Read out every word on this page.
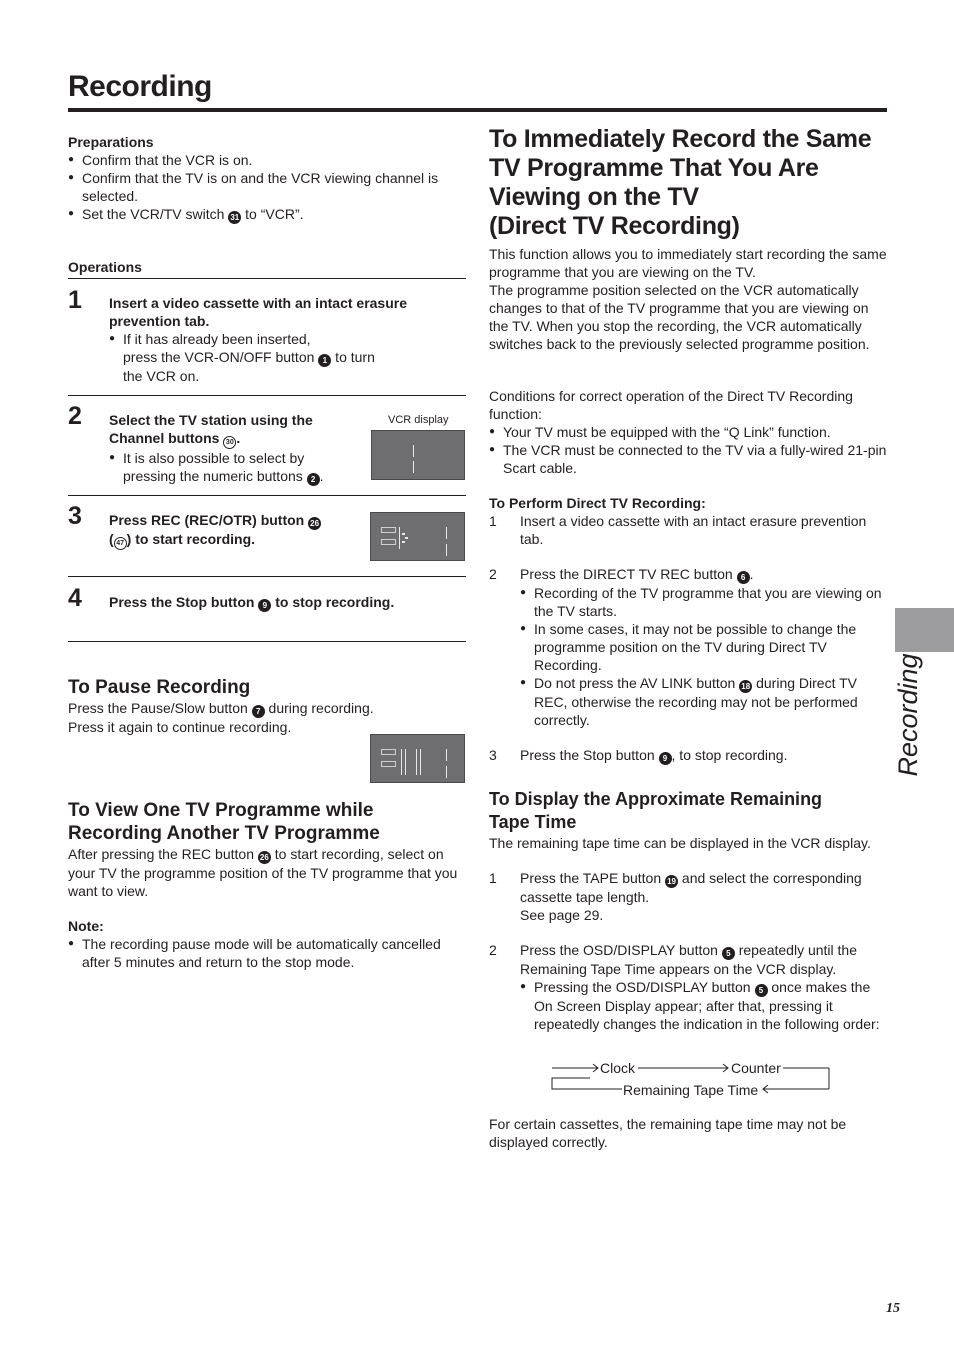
Recording
Preparations
● Confirm that the VCR is on.
● Confirm that the TV is on and the VCR viewing channel is selected.
● Set the VCR/TV switch 31 to “VCR”.
Operations
1 Insert a video cassette with an intact erasure prevention tab.
● If it has already been inserted,
press the VCR-ON/OFF button 1 to turn
the VCR on.
2 Select the TV station using the
Channel buttons 30 .
● It is also possible to select by
pressing the numeric buttons 2 .
VCR display
3 Press REC (REC/OTR) button 26
( 47 ) to start recording.
4 Press the Stop button 9 to stop recording.
To Pause Recording
Press the Pause/Slow button 7 during recording.
Press it again to continue recording.
To View One TV Programme while
Recording Another TV Programme
After pressing the REC button 26 to start recording, select on your TV the programme position of the TV programme that you want to view.
Note:
● The recording pause mode will be automatically cancelled after 5 minutes and return to the stop mode.
To Immediately Record the Same
TV Programme That You Are
Viewing on the TV
(Direct TV Recording)
This function allows you to immediately start recording the same programme that you are viewing on the TV.
The programme position selected on the VCR automatically changes to that of the TV programme that you are viewing on the TV. When you stop the recording, the VCR automatically switches back to the previously selected programme position.
Conditions for correct operation of the Direct TV Recording function:
● Your TV must be equipped with the “Q Link” function.
● The VCR must be connected to the TV via a fully-wired 21-pin Scart cable.
To Perform Direct TV Recording:
1 Insert a video cassette with an intact erasure prevention tab.
2 Press the DIRECT TV REC button 6 .
● Recording of the TV programme that you are viewing on the TV starts.
● In some cases, it may not be possible to change the programme position on the TV during Direct TV Recording.
● Do not press the AV LINK button 18 during Direct TV REC, otherwise the recording may not be performed correctly.
3 Press the Stop button 9 , to stop recording.
To Display the Approximate Remaining
Tape Time
The remaining tape time can be displayed in the VCR display.
1 Press the TAPE button 19 and select the corresponding cassette tape length.
See page 29.
2 Press the OSD/DISPLAY button 5 repeatedly until the Remaining Tape Time appears on the VCR display.
● Pressing the OSD/DISPLAY button 5 once makes the On Screen Display appear; after that, pressing it repeatedly changes the indication in the following order:
Clock	Counter
Remaining Tape Time
For certain cassettes, the remaining tape time may not be displayed correctly.
Recording
15
